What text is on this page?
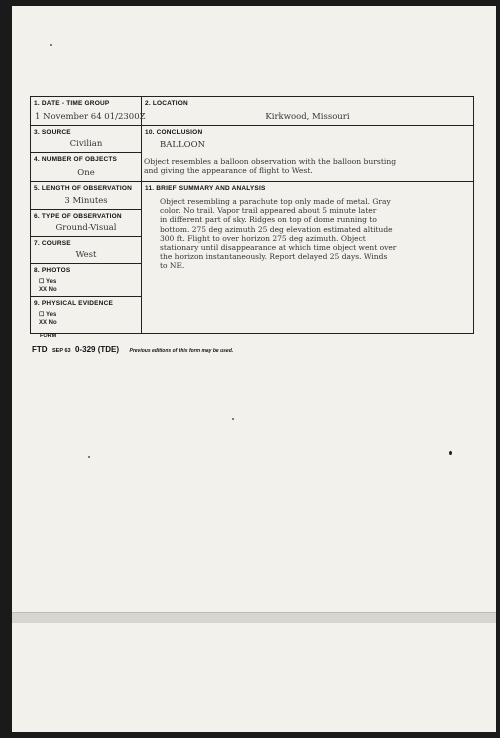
1. DATE - TIME GROUP
1 November 64 01/2300Z
3. SOURCE
Civilian
4. NUMBER OF OBJECTS
One
5. LENGTH OF OBSERVATION
3 Minutes
6. TYPE OF OBSERVATION
Ground-Visual
7. COURSE
West
8. PHOTOS
☐ Yes
XX No
9. PHYSICAL EVIDENCE
☐ Yes
XX No
2. LOCATION
Kirkwood, Missouri
10. CONCLUSION
BALLOON
Object resembles a balloon observation with the balloon bursting
and giving the appearance of flight to West.
11. BRIEF SUMMARY AND ANALYSIS
Object resembling a parachute top only made of metal. Gray
color. No trail. Vapor trail appeared about 5 minute later
in different part of sky. Ridges on top of dome running to
bottom. 275 deg azimuth 25 deg elevation estimated altitude
300 ft. Flight to over horizon 275 deg azimuth. Object
stationary until disappearance at which time object went over
the horizon instantaneously. Report delayed 25 days. Winds
to NE.
FORM
FTD SEP 63 0-329 (TDE) Previous editions of this form may be used.
